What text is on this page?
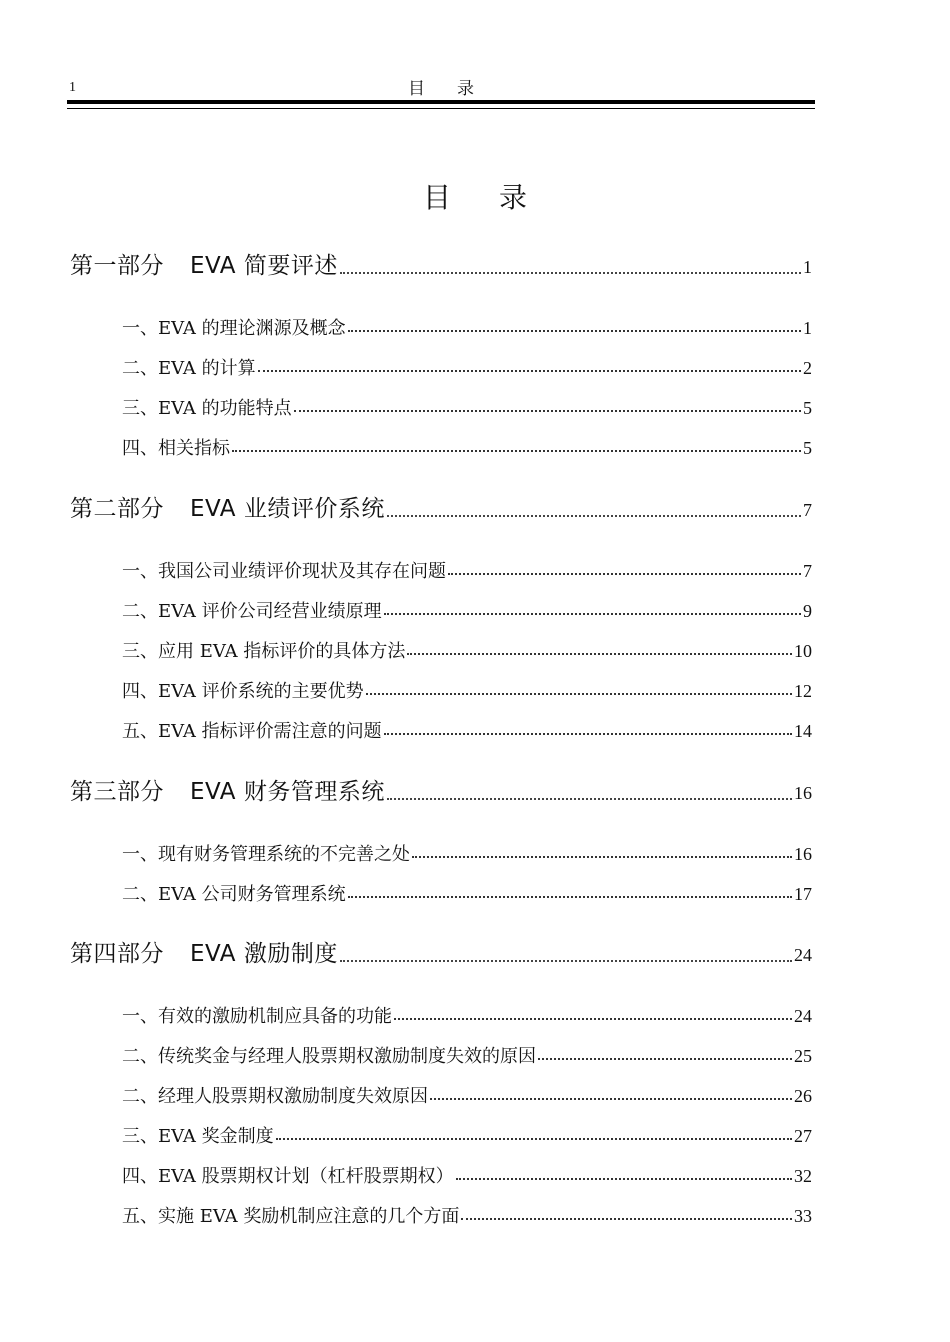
1	目录
目录
第一部分 EVA 简要评述	1
一、EVA 的理论渊源及概念	1
二、EVA 的计算	2
三、EVA 的功能特点	5
四、相关指标	5
第二部分 EVA 业绩评价系统	7
一、我国公司业绩评价现状及其存在问题	7
二、EVA 评价公司经营业绩原理	9
三、应用 EVA 指标评价的具体方法	10
四、EVA 评价系统的主要优势	12
五、EVA 指标评价需注意的问题	14
第三部分 EVA 财务管理系统	16
一、现有财务管理系统的不完善之处	16
二、EVA 公司财务管理系统	17
第四部分 EVA 激励制度	24
一、有效的激励机制应具备的功能	24
二、传统奖金与经理人股票期权激励制度失效的原因	25
二、经理人股票期权激励制度失效原因	26
三、EVA 奖金制度	27
四、EVA 股票期权计划（杠杆股票期权）	32
五、实施 EVA 奖励机制应注意的几个方面	33
